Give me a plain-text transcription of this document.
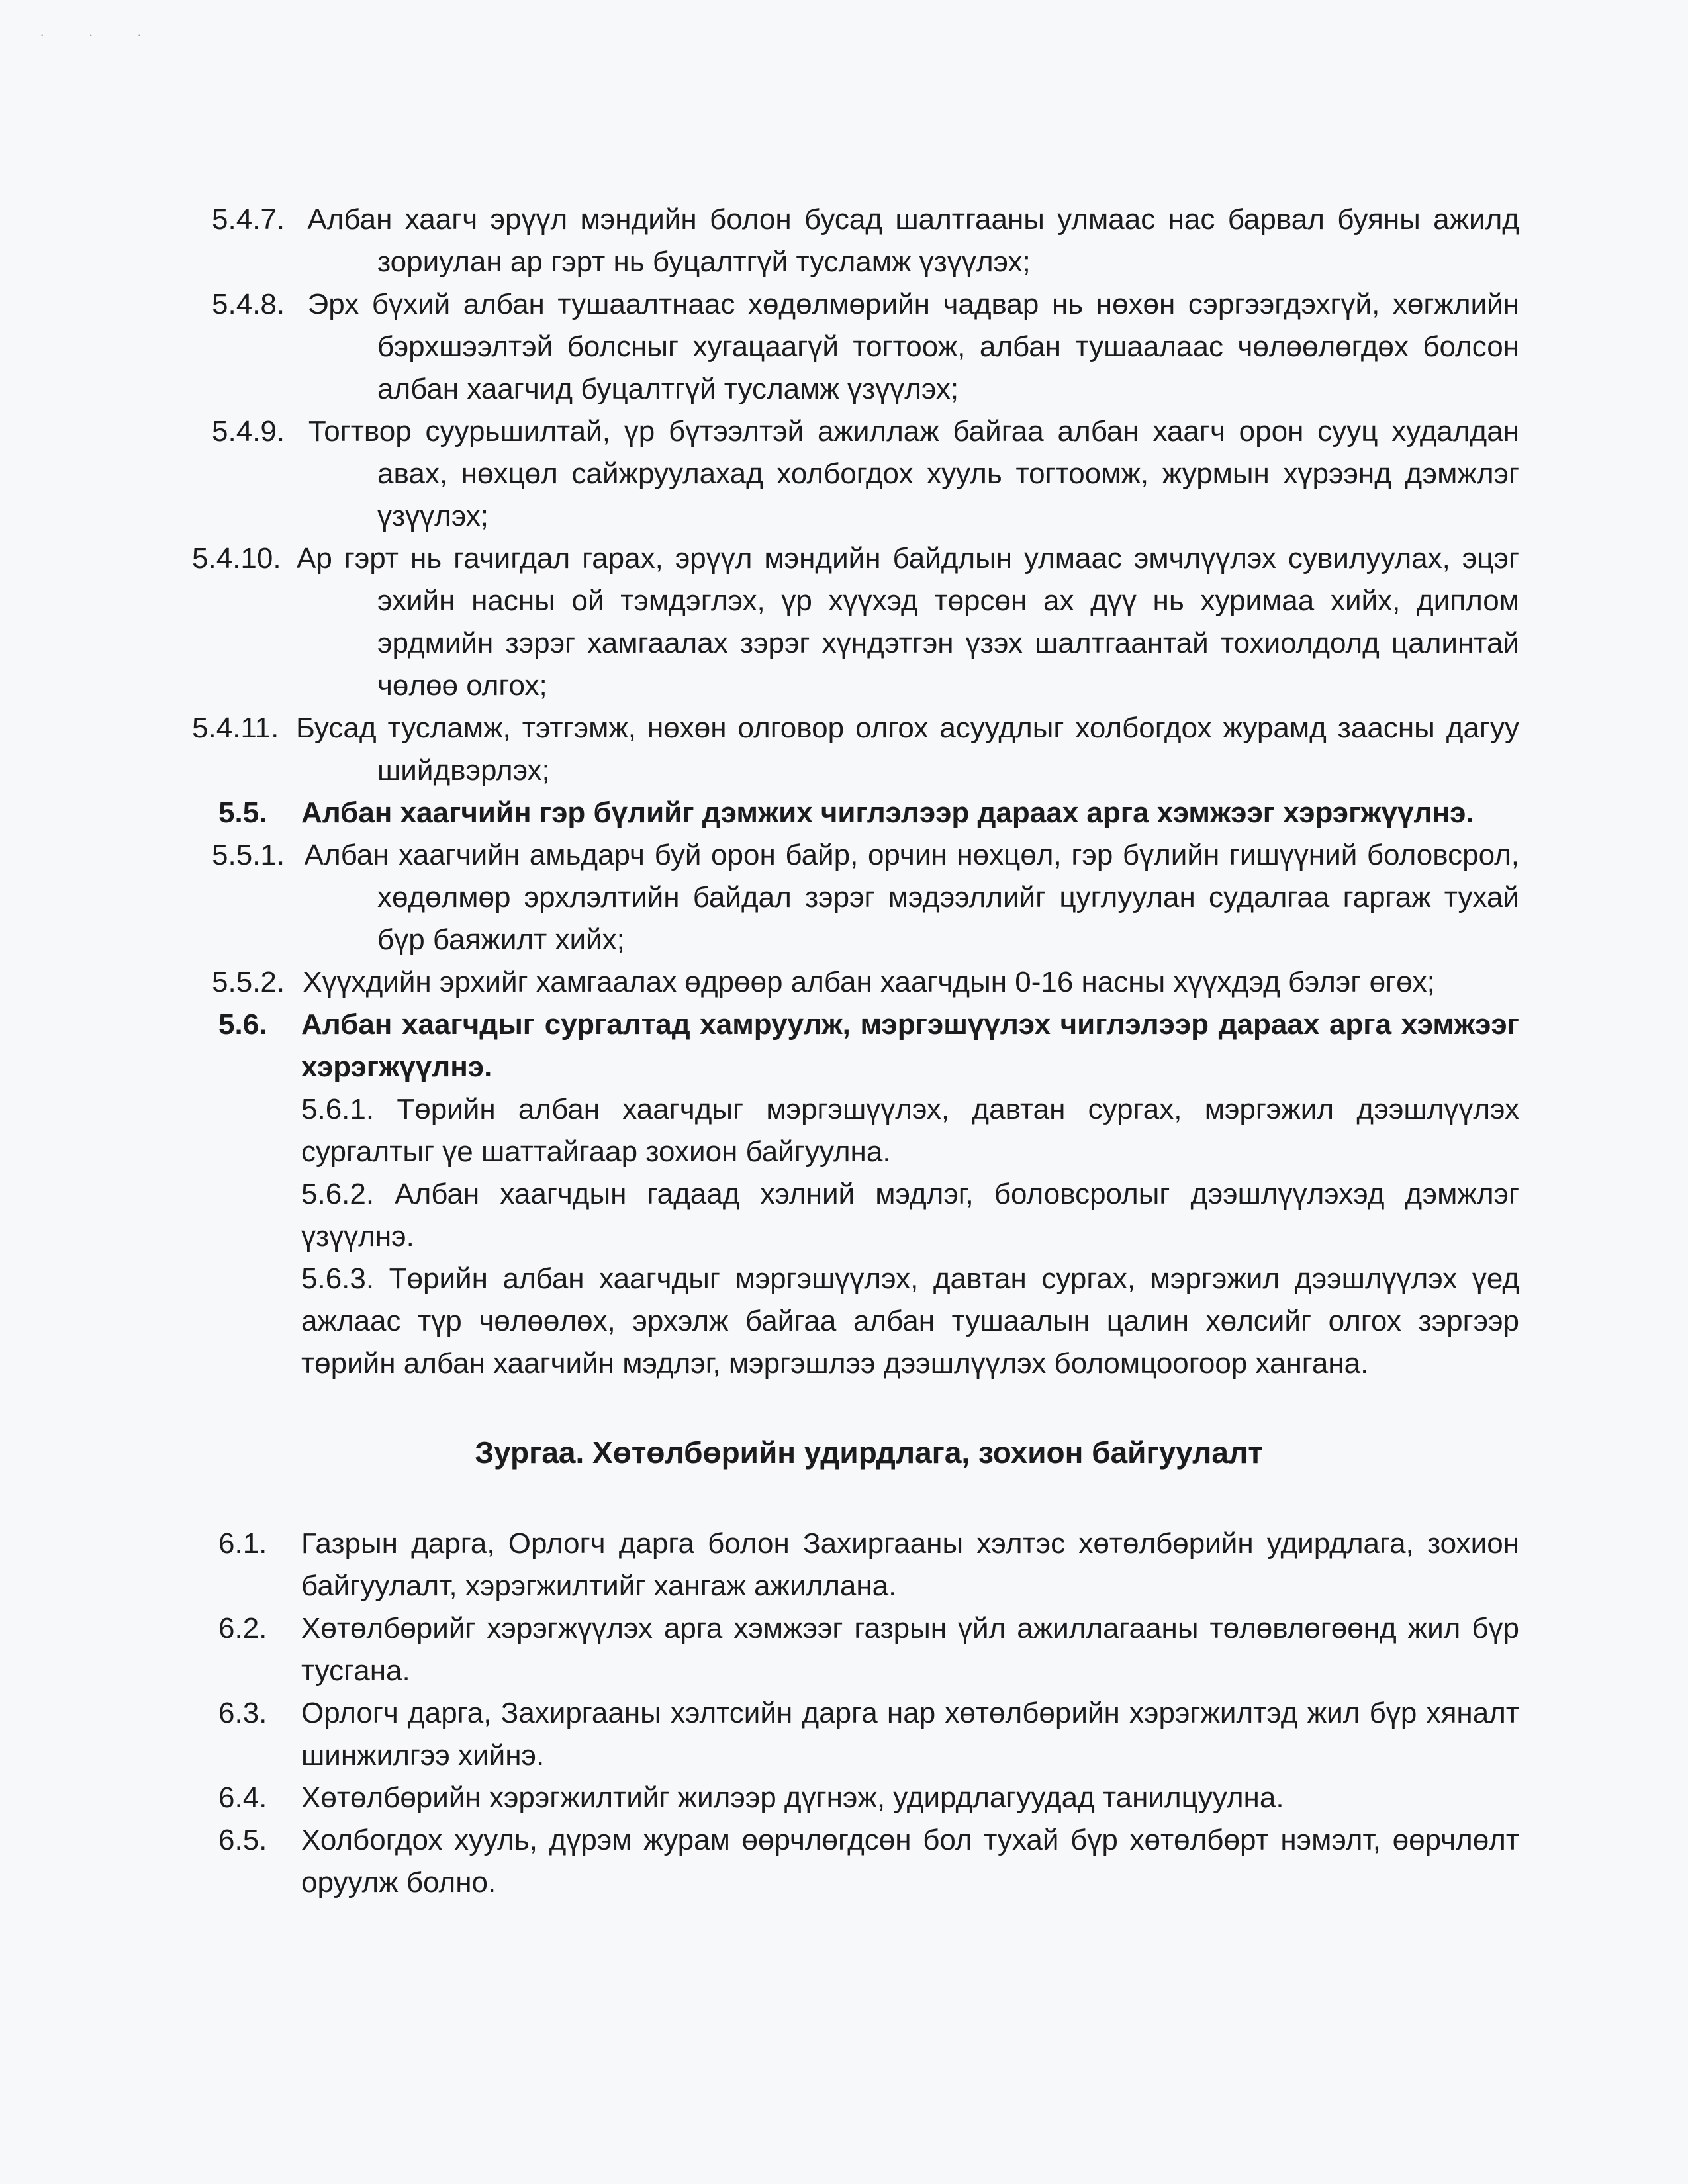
· · ·

5.4.7. Албан хаагч эрүүл мэндийн болон бусад шалтгааны улмаас нас барвал буяны ажилд зориулан ар гэрт нь буцалтгүй тусламж үзүүлэх;

5.4.8. Эрх бүхий албан тушаалтнаас хөдөлмөрийн чадвар нь нөхөн сэргээгдэхгүй, хөгжлийн бэрхшээлтэй болсныг хугацаагүй тогтоож, албан тушаалаас чөлөөлөгдөх болсон албан хаагчид буцалтгүй тусламж үзүүлэх;

5.4.9. Тогтвор суурьшилтай, үр бүтээлтэй ажиллаж байгаа албан хаагч орон сууц худалдан авах, нөхцөл сайжруулахад холбогдох хууль тогтоомж, журмын хүрээнд дэмжлэг үзүүлэх;

5.4.10. Ар гэрт нь гачигдал гарах, эрүүл мэндийн байдлын улмаас эмчлүүлэх сувилуулах, эцэг эхийн насны ой тэмдэглэх, үр хүүхэд төрсөн ах дүү нь хуримаа хийх, диплом эрдмийн зэрэг хамгаалах зэрэг хүндэтгэн үзэх шалтгаантай тохиолдолд цалинтай чөлөө олгох;

5.4.11. Бусад тусламж, тэтгэмж, нөхөн олговор олгох асуудлыг холбогдох журамд заасны дагуу шийдвэрлэх;

5.5. Албан хаагчийн гэр бүлийг дэмжих чиглэлээр дараах арга хэмжээг хэрэгжүүлнэ.

5.5.1. Албан хаагчийн амьдарч буй орон байр, орчин нөхцөл, гэр бүлийн гишүүний боловсрол, хөдөлмөр эрхлэлтийн байдал зэрэг мэдээллийг цуглуулан судалгаа гаргаж тухай бүр баяжилт хийх;

5.5.2. Хүүхдийн эрхийг хамгаалах өдрөөр албан хаагчдын 0-16 насны хүүхдэд бэлэг өгөх;

5.6. Албан хаагчдыг сургалтад хамруулж, мэргэшүүлэх чиглэлээр дараах арга хэмжээг хэрэгжүүлнэ.

5.6.1. Төрийн албан хаагчдыг мэргэшүүлэх, давтан сургах, мэргэжил дээшлүүлэх сургалтыг үе шаттайгаар зохион байгуулна.

5.6.2. Албан хаагчдын гадаад хэлний мэдлэг, боловсролыг дээшлүүлэхэд дэмжлэг үзүүлнэ.

5.6.3. Төрийн албан хаагчдыг мэргэшүүлэх, давтан сургах, мэргэжил дээшлүүлэх үед ажлаас түр чөлөөлөх, эрхэлж байгаа албан тушаалын цалин хөлсийг олгох зэргээр төрийн албан хаагчийн мэдлэг, мэргэшлээ дээшлүүлэх боломцоогоор хангана.

Зургаа. Хөтөлбөрийн удирдлага, зохион байгуулалт

6.1. Газрын дарга, Орлогч дарга болон Захиргааны хэлтэс хөтөлбөрийн удирдлага, зохион байгуулалт, хэрэгжилтийг хангаж ажиллана.

6.2. Хөтөлбөрийг хэрэгжүүлэх арга хэмжээг газрын үйл ажиллагааны төлөвлөгөөнд жил бүр тусгана.

6.3. Орлогч дарга, Захиргааны хэлтсийн дарга нар хөтөлбөрийн хэрэгжилтэд жил бүр хяналт шинжилгээ хийнэ.

6.4. Хөтөлбөрийн хэрэгжилтийг жилээр дүгнэж, удирдлагуудад танилцуулна.

6.5. Холбогдох хууль, дүрэм журам өөрчлөгдсөн бол тухай бүр хөтөлбөрт нэмэлт, өөрчлөлт оруулж болно.
